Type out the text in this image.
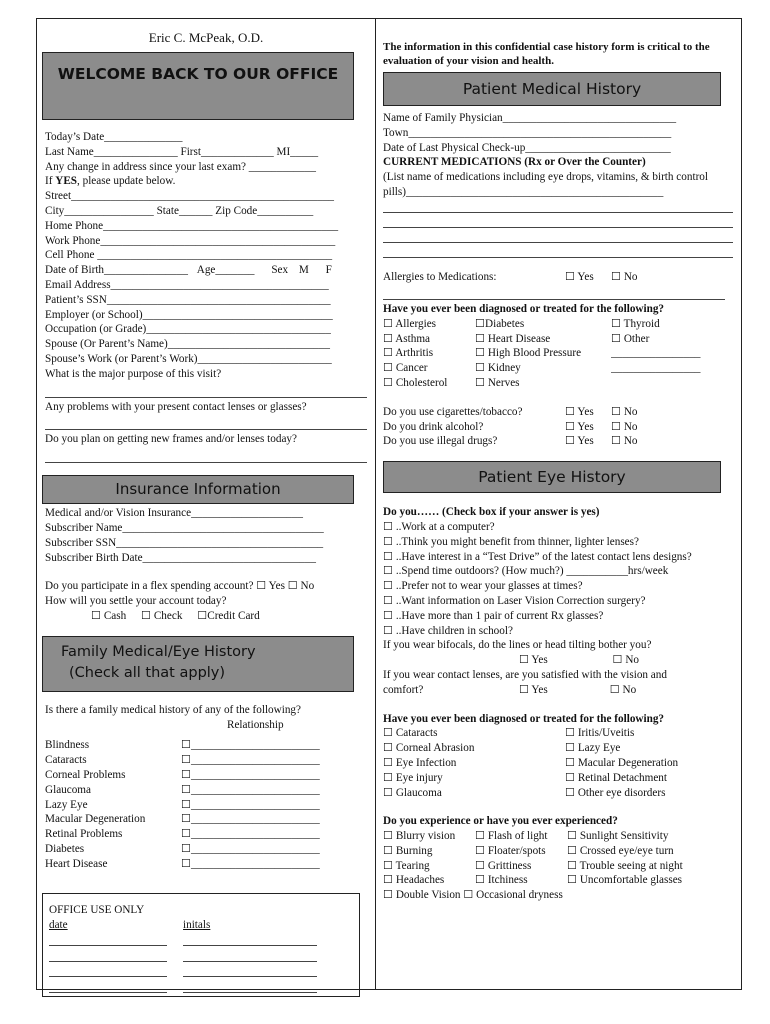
Eric C. McPeak, O.D.
WELCOME BACK TO OUR OFFICE
Today’s Date______________
Last Name_______________ First_____________ MI_____
Any change in address since your last exam? ____________
If YES, please update below.
Street_______________________________________________
City________________ State______ Zip Code__________
Home Phone__________________________________________
Work Phone__________________________________________
Cell Phone __________________________________________
Date of Birth_______________ Age_______ Sex M F
Email Address_______________________________________
Patient’s SSN________________________________________
Employer (or School)__________________________________
Occupation (or Grade)_________________________________
Spouse (Or Parent’s Name)_____________________________
Spouse’s Work (or Parent’s Work)________________________
What is the major purpose of this visit?
Any problems with your present contact lenses or glasses?
Do you plan on getting new frames and/or lenses today?
Insurance Information
Medical and/or Vision Insurance____________________
Subscriber Name____________________________________
Subscriber SSN_____________________________________
Subscriber Birth Date_______________________________
Do you participate in a flex spending account? ☐ Yes ☐ No
How will you settle your account today?
☐ Cash ☐ Check ☐Credit Card
Family Medical/Eye History
(Check all that apply)
Is there a family medical history of any of the following?
Relationship
Blindness	☐_______________________
Cataracts	☐_______________________
Corneal Problems	☐_______________________
Glaucoma	☐_______________________
Lazy Eye	☐_______________________
Macular Degeneration	☐_______________________
Retinal Problems	☐_______________________
Diabetes	☐_______________________
Heart Disease	☐_______________________
OFFICE USE ONLY
date	initals
The information in this confidential case history form is critical to the evaluation of your vision and health.
Patient Medical History
Name of Family Physician_______________________________
Town_______________________________________________
Date of Last Physical Check-up__________________________
CURRENT MEDICATIONS (Rx or Over the Counter)
(List name of medications including eye drops, vitamins, & birth control pills)______________________________________________
Allergies to Medications:	☐ Yes	☐ No
Have you ever been diagnosed or treated for the following?
☐ Allergies	☐Diabetes	☐ Thyroid
☐ Asthma	☐ Heart Disease	☐ Other
☐ Arthritis	☐ High Blood Pressure	________________
☐ Cancer	☐ Kidney	________________
☐ Cholesterol	☐ Nerves
Do you use cigarettes/tobacco?	☐ Yes	☐ No
Do you drink alcohol?	☐ Yes	☐ No
Do you use illegal drugs?	☐ Yes	☐ No
Patient Eye History
Do you…… (Check box if your answer is yes)
☐ ..Work at a computer?
☐ ..Think you might benefit from thinner, lighter lenses?
☐ ..Have interest in a “Test Drive” of the latest contact lens designs?
☐ ..Spend time outdoors? (How much?) ___________hrs/week
☐ ..Prefer not to wear your glasses at times?
☐ ..Want information on Laser Vision Correction surgery?
☐ ..Have more than 1 pair of current Rx glasses?
☐ ..Have children in school?
If you wear bifocals, do the lines or head tilting bother you?
☐ Yes	☐ No
If you wear contact lenses, are you satisfied with the vision and
comfort?	☐ Yes	☐ No
Have you ever been diagnosed or treated for the following?
☐ Cataracts	☐ Iritis/Uveitis
☐ Corneal Abrasion	☐ Lazy Eye
☐ Eye Infection	☐ Macular Degeneration
☐ Eye injury	☐ Retinal Detachment
☐ Glaucoma	☐ Other eye disorders
Do you experience or have you ever experienced?
☐ Blurry vision	☐ Flash of light	☐ Sunlight Sensitivity
☐ Burning	☐ Floater/spots	☐ Crossed eye/eye turn
☐ Tearing	☐ Grittiness	☐ Trouble seeing at night
☐ Headaches	☐ Itchiness	☐ Uncomfortable glasses
☐ Double Vision ☐ Occasional dryness
